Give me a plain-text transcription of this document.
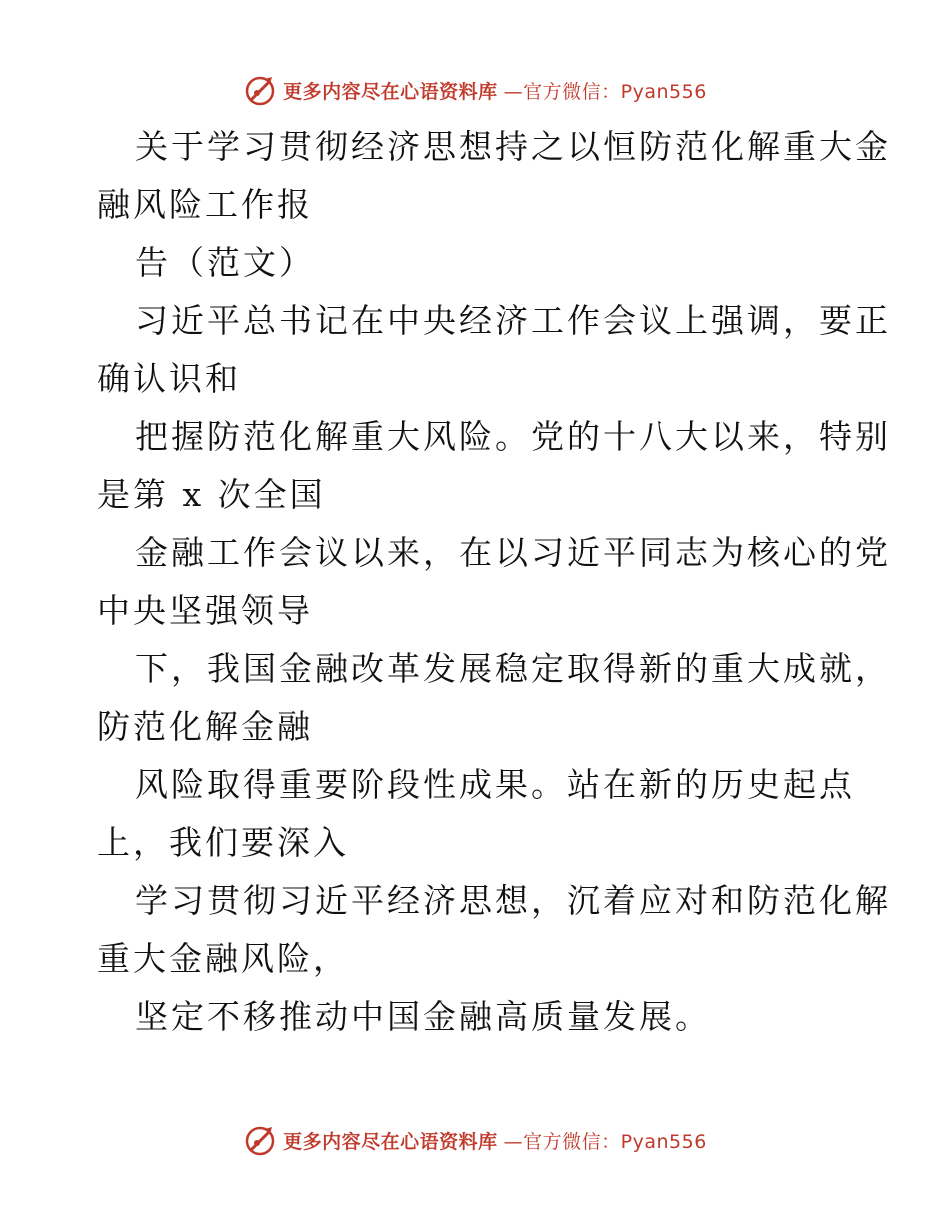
更多内容尽在心语资料库 —官方微信：Pyan556
关于学习贯彻经济思想持之以恒防范化解重大金
融风险工作报
告（范文）
习近平总书记在中央经济工作会议上强调，要正
确认识和
把握防范化解重大风险。党的十八大以来，特别
是第 x 次全国
金融工作会议以来，在以习近平同志为核心的党
中央坚强领导
下，我国金融改革发展稳定取得新的重大成就，
防范化解金融
风险取得重要阶段性成果。站在新的历史起点
上，我们要深入
学习贯彻习近平经济思想，沉着应对和防范化解
重大金融风险，
坚定不移推动中国金融高质量发展。
更多内容尽在心语资料库 —官方微信：Pyan556
